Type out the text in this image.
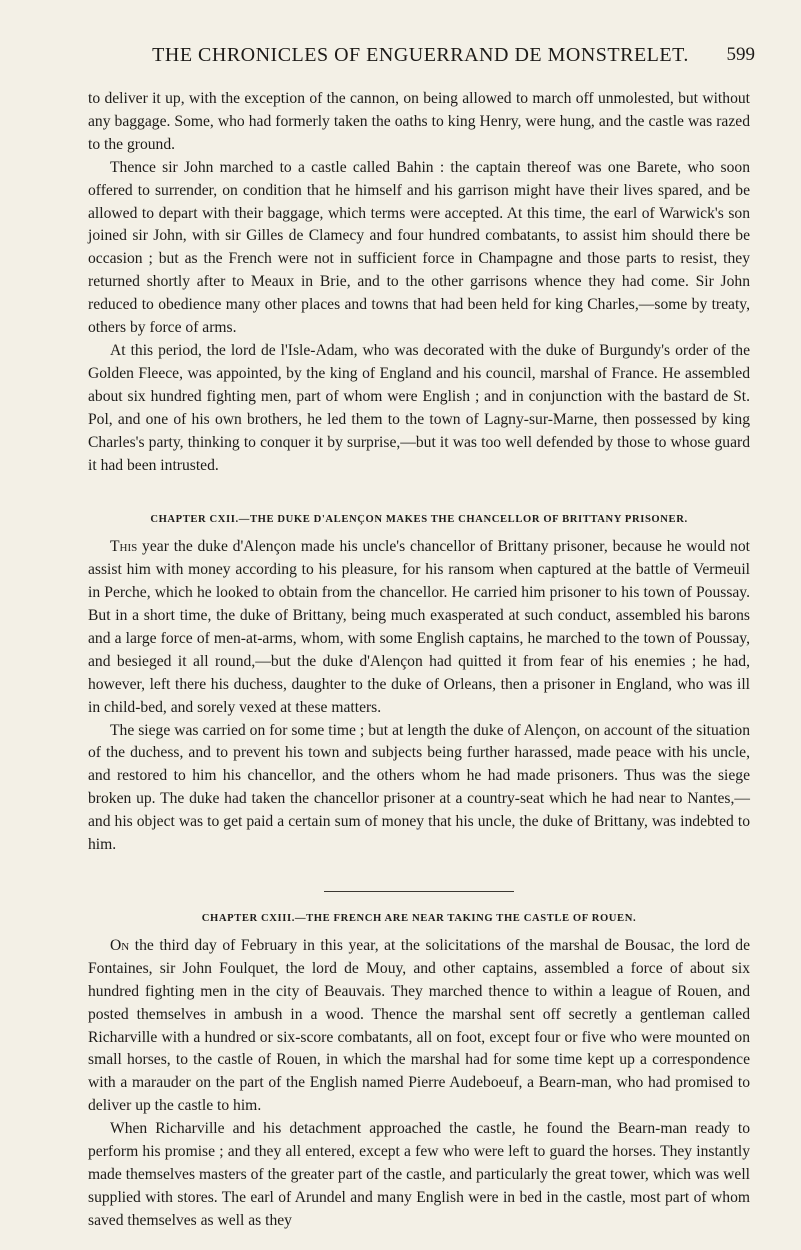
THE CHRONICLES OF ENGUERRAND DE MONSTRELET.	599

to deliver it up, with the exception of the cannon, on being allowed to march off unmolested, but without any baggage. Some, who had formerly taken the oaths to king Henry, were hung, and the castle was razed to the ground.

Thence sir John marched to a castle called Bahin : the captain thereof was one Barete, who soon offered to surrender, on condition that he himself and his garrison might have their lives spared, and be allowed to depart with their baggage, which terms were accepted. At this time, the earl of Warwick's son joined sir John, with sir Gilles de Clamecy and four hundred combatants, to assist him should there be occasion ; but as the French were not in sufficient force in Champagne and those parts to resist, they returned shortly after to Meaux in Brie, and to the other garrisons whence they had come. Sir John reduced to obedience many other places and towns that had been held for king Charles,—some by treaty, others by force of arms.

At this period, the lord de l'Isle-Adam, who was decorated with the duke of Burgundy's order of the Golden Fleece, was appointed, by the king of England and his council, marshal of France. He assembled about six hundred fighting men, part of whom were English ; and in conjunction with the bastard de St. Pol, and one of his own brothers, he led them to the town of Lagny-sur-Marne, then possessed by king Charles's party, thinking to conquer it by surprise,—but it was too well defended by those to whose guard it had been intrusted.

CHAPTER CXII.—THE DUKE D'ALENÇON MAKES THE CHANCELLOR OF BRITTANY PRISONER.

This year the duke d'Alençon made his uncle's chancellor of Brittany prisoner, because he would not assist him with money according to his pleasure, for his ransom when captured at the battle of Vermeuil in Perche, which he looked to obtain from the chancellor. He carried him prisoner to his town of Poussay. But in a short time, the duke of Brittany, being much exasperated at such conduct, assembled his barons and a large force of men-at-arms, whom, with some English captains, he marched to the town of Poussay, and besieged it all round,—but the duke d'Alençon had quitted it from fear of his enemies ; he had, however, left there his duchess, daughter to the duke of Orleans, then a prisoner in England, who was ill in child-bed, and sorely vexed at these matters.

The siege was carried on for some time ; but at length the duke of Alençon, on account of the situation of the duchess, and to prevent his town and subjects being further harassed, made peace with his uncle, and restored to him his chancellor, and the others whom he had made prisoners. Thus was the siege broken up. The duke had taken the chancellor prisoner at a country-seat which he had near to Nantes,—and his object was to get paid a certain sum of money that his uncle, the duke of Brittany, was indebted to him.

CHAPTER CXIII.—THE FRENCH ARE NEAR TAKING THE CASTLE OF ROUEN.

On the third day of February in this year, at the solicitations of the marshal de Bousac, the lord de Fontaines, sir John Foulquet, the lord de Mouy, and other captains, assembled a force of about six hundred fighting men in the city of Beauvais. They marched thence to within a league of Rouen, and posted themselves in ambush in a wood. Thence the marshal sent off secretly a gentleman called Richarville with a hundred or six-score combatants, all on foot, except four or five who were mounted on small horses, to the castle of Rouen, in which the marshal had for some time kept up a correspondence with a marauder on the part of the English named Pierre Audeboeuf, a Bearn-man, who had promised to deliver up the castle to him.

When Richarville and his detachment approached the castle, he found the Bearn-man ready to perform his promise ; and they all entered, except a few who were left to guard the horses. They instantly made themselves masters of the greater part of the castle, and particularly the great tower, which was well supplied with stores. The earl of Arundel and many English were in bed in the castle, most part of whom saved themselves as well as they
